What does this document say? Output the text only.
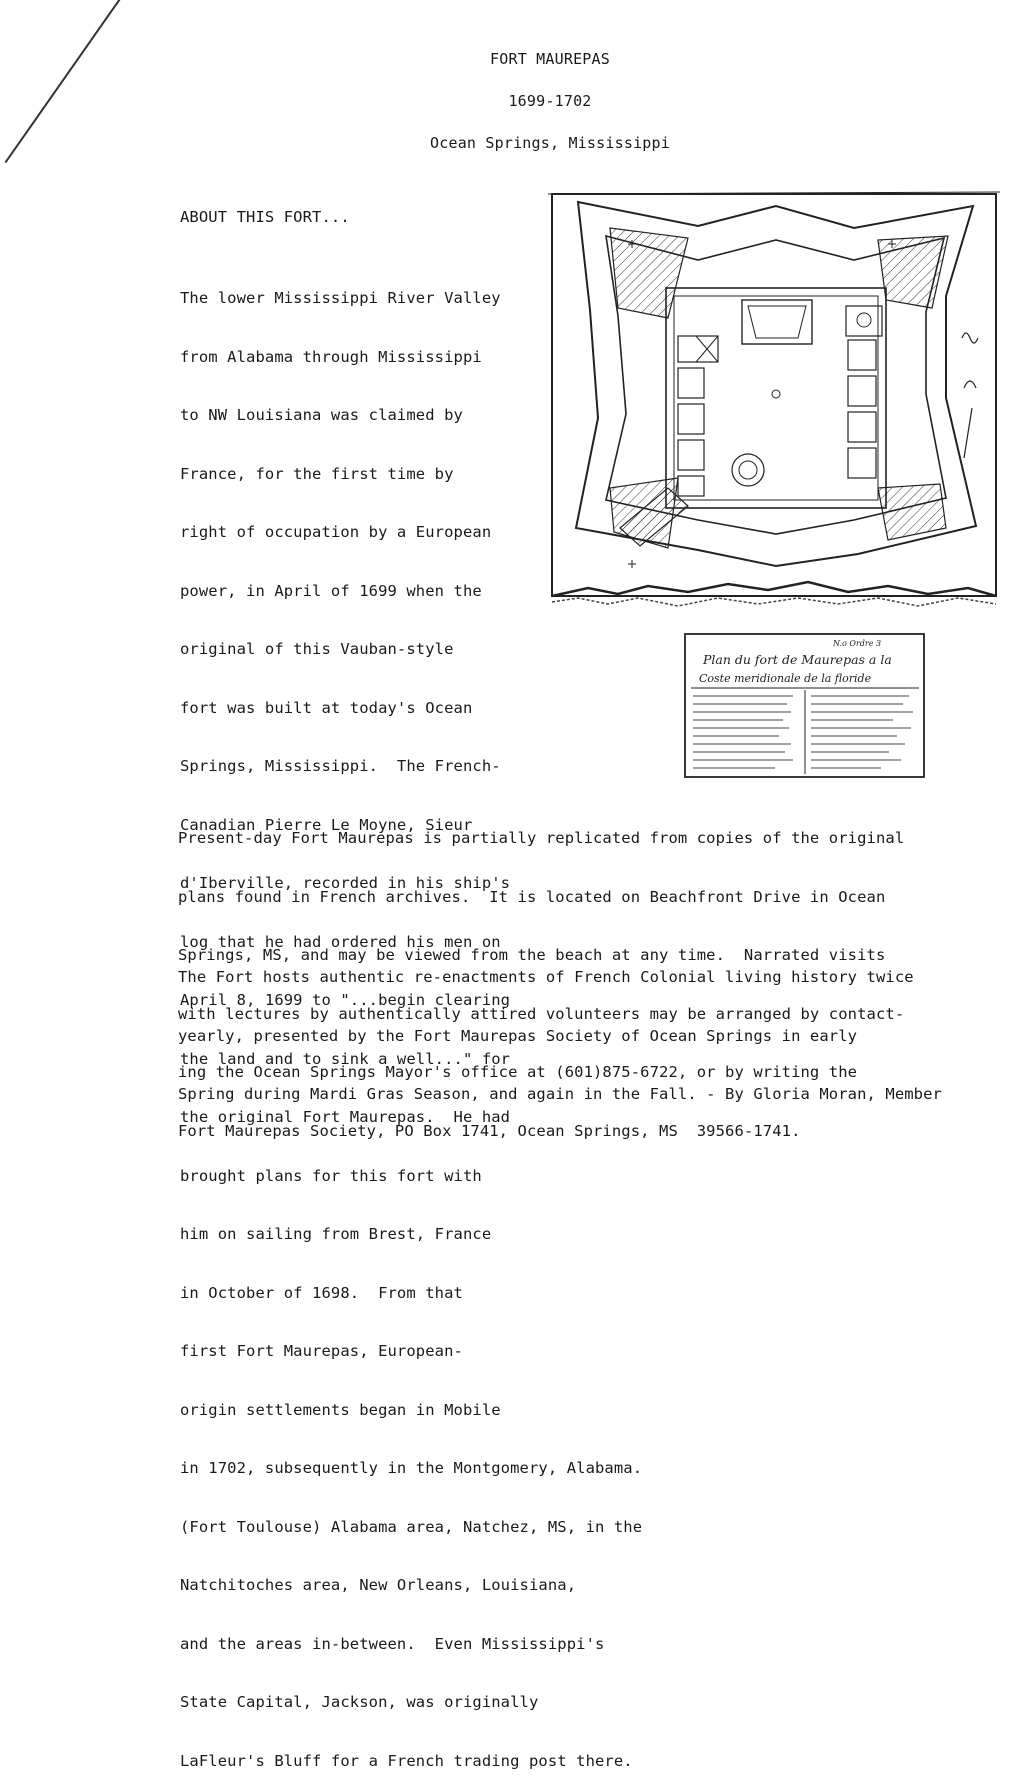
FORT MAUREPAS
1699-1702
Ocean Springs, Mississippi
ABOUT THIS FORT...

The lower Mississippi River Valley

from Alabama through Mississippi

to NW Louisiana was claimed by

France, for the first time by

right of occupation by a European

power, in April of 1699 when the

original of this Vauban-style

fort was built at today's Ocean

Springs, Mississippi.  The French-

Canadian Pierre Le Moyne, Sieur

d'Iberville, recorded in his ship's

log that he had ordered his men on

April 8, 1699 to "...begin clearing

the land and to sink a well..." for

the original Fort Maurepas.  He had

brought plans for this fort with

him on sailing from Brest, France

in October of 1698.  From that

first Fort Maurepas, European-

origin settlements began in Mobile

in 1702, subsequently in the Montgomery, Alabama.

(Fort Toulouse) Alabama area, Natchez, MS, in the

Natchitoches area, New Orleans, Louisiana,

and the areas in-between.  Even Mississippi's

State Capital, Jackson, was originally

LaFleur's Bluff for a French trading post there.

N.o Ordre 3
Plan du fort de Maurepas a la
Coste meridionale de la floride

Present-day Fort Maurepas is partially replicated from copies of the original

plans found in French archives.  It is located on Beachfront Drive in Ocean

Springs, MS, and may be viewed from the beach at any time.  Narrated visits

with lectures by authentically attired volunteers may be arranged by contact-

ing the Ocean Springs Mayor's office at (601)875-6722, or by writing the

Fort Maurepas Society, PO Box 1741, Ocean Springs, MS  39566-1741.

The Fort hosts authentic re-enactments of French Colonial living history twice

yearly, presented by the Fort Maurepas Society of Ocean Springs in early

Spring during Mardi Gras Season, and again in the Fall. - By Gloria Moran, Member
